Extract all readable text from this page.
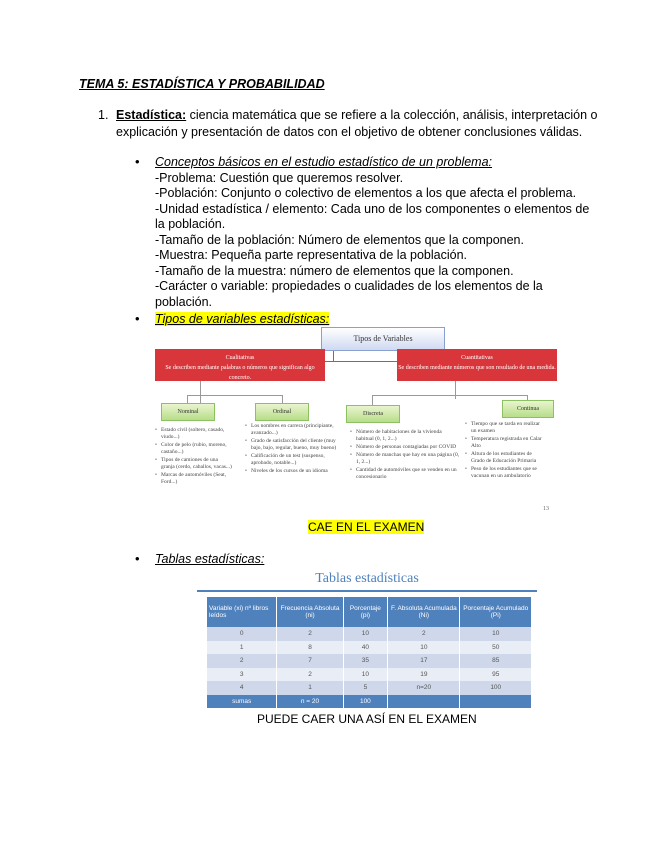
TEMA 5: ESTADÍSTICA Y PROBABILIDAD
1. Estadística: ciencia matemática que se refiere a la colección, análisis, interpretación o explicación y presentación de datos con el objetivo de obtener conclusiones válidas.
• Conceptos básicos en el estudio estadístico de un problema:
-Problema: Cuestión que queremos resolver.
-Población: Conjunto o colectivo de elementos a los que afecta el problema.
-Unidad estadística / elemento: Cada uno de los componentes o elementos de la población.
-Tamaño de la población: Número de elementos que la componen.
-Muestra: Pequeña parte representativa de la población.
-Tamaño de la muestra: número de elementos que la componen.
-Carácter o variable: propiedades o cualidades de los elementos de la población.
• Tipos de variables estadísticas:
Tipos de Variables
Cualitativas
Se describen mediante palabras o números que significan algo concreto.
Cuantitativas
Se describen mediante números que son resultado de una medida.
Nominal	Ordinal	Discreta
Continua
• Estado civil (soltero, casado, viudo...)
• Color de pelo (rubio, moreno, castaño...)
• Tipos de camiones de una granja (cerdo, caballos, vacas...)
• Marcas de automóviles (Seat, Ford...)
• Los nombres en carrera (principiante, avanzado...)
• Grado de satisfacción del cliente (muy bajo, bajo, regular, bueno, muy bueno)
• Calificación de un test (suspenso, aprobado, notable...)
• Niveles de los cursos de un idioma
• Número de habitaciones de la vivienda habitual (0, 1, 2...)
• Número de personas contagiadas por COVID
• Número de manchas que hay en una página (0, 1, 2...)
• Cantidad de automóviles que se venden en un concesionario
• Tiempo que se tarda en realizar un examen
• Temperatura registrada en Calar Alto
• Altura de los estudiantes de Grado de Educación Primaria
• Peso de los estudiantes que se vacunan en un ambulatorio
13
CAE EN EL EXAMEN
• Tablas estadísticas:
Tablas estadísticas
Variable (xi) nº libros leídos	Frecuencia Absoluta (ni)	Porcentaje (pi)	F. Absoluta Acumulada (Ni)	Porcentaje Acumulado (Pi)
0	2	10	2	10
1	8	40	10	50
2	7	35	17	85
3	2	10	19	95
4	1	5	n=20	100
sumas	n = 20	100		
PUEDE CAER UNA ASÍ EN EL EXAMEN
